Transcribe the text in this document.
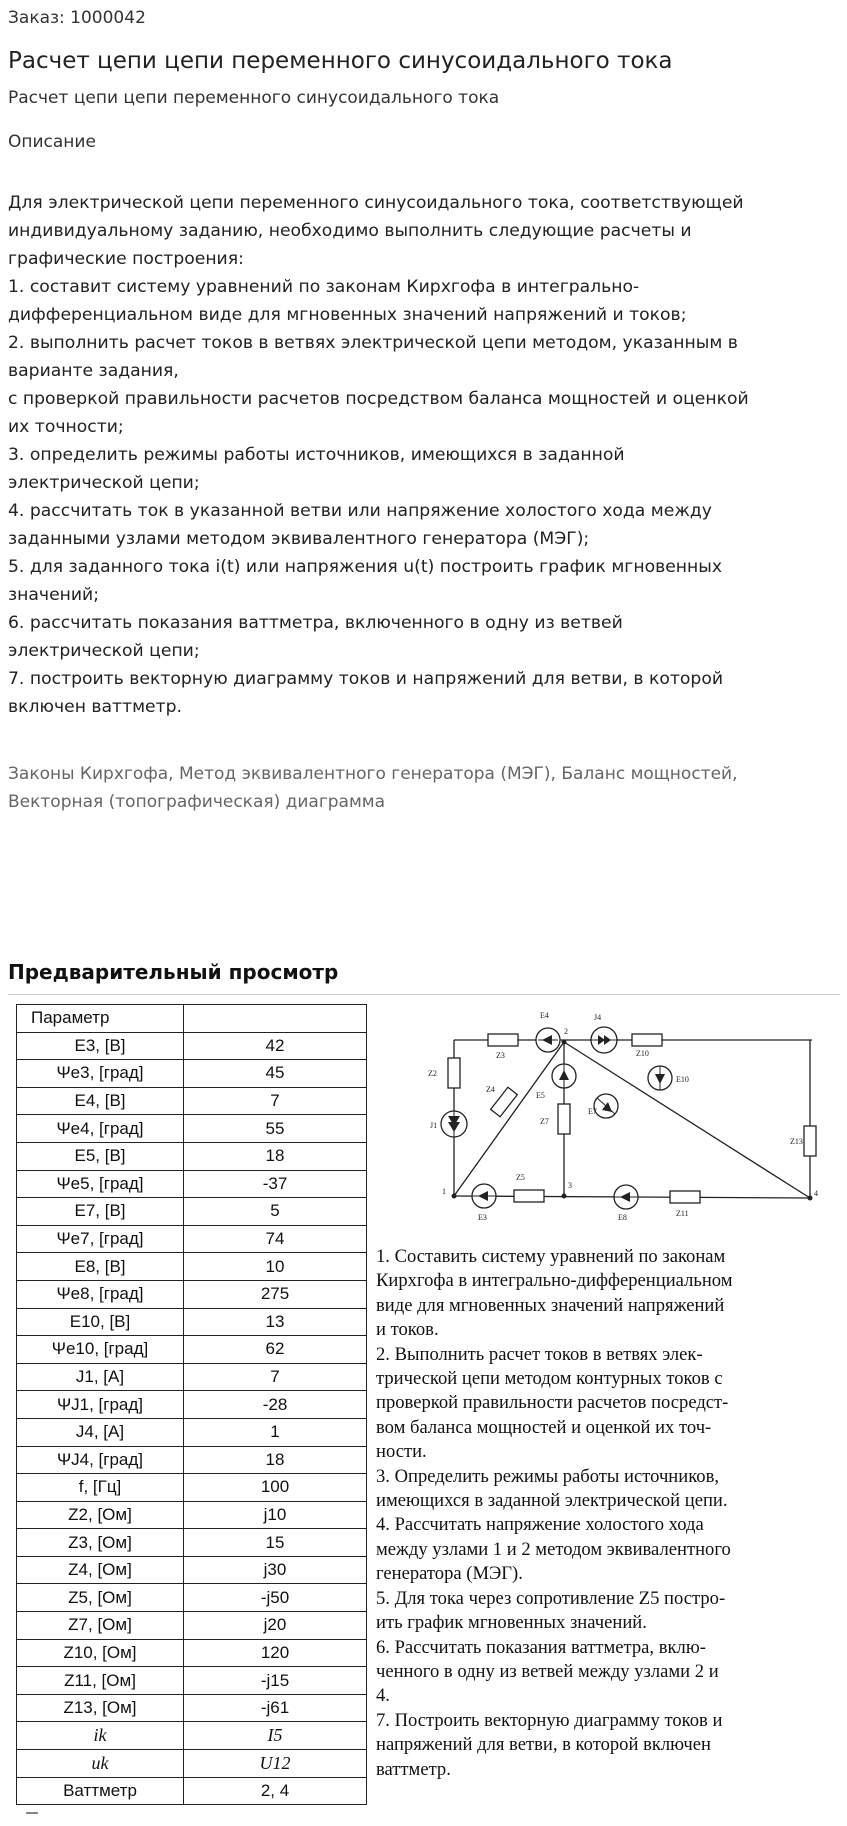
Заказ: 1000042
Расчет цепи цепи переменного синусоидального тока
Расчет цепи цепи переменного синусоидального тока
Описание
Для электрической цепи переменного синусоидального тока, соответствующей
индивидуальному заданию, необходимо выполнить следующие расчеты и
графические построения:
1. составит систему уравнений по законам Кирхгофа в интегрально-
дифференциальном виде для мгновенных значений напряжений и токов;
2. выполнить расчет токов в ветвях электрической цепи методом, указанным в
варианте задания,
с проверкой правильности расчетов посредством баланса мощностей и оценкой
их точности;
3. определить режимы работы источников, имеющихся в заданной
электрической цепи;
4. рассчитать ток в указанной ветви или напряжение холостого хода между
заданными узлами методом эквивалентного генератора (МЭГ);
5. для заданного тока i(t) или напряжения u(t) построить график мгновенных
значений;
6. рассчитать показания ваттметра, включенного в одну из ветвей
электрической цепи;
7. построить векторную диаграмму токов и напряжений для ветви, в которой
включен ваттметр.
Законы Кирхгофа, Метод эквивалентного генератора (МЭГ), Баланс мощностей,
Векторная (топографическая) диаграмма
Предварительный просмотр
Параметр	
E3, [В]	42
Ψe3, [град]	45
E4, [В]	7
Ψe4, [град]	55
E5, [В]	18
Ψe5, [град]	-37
E7, [В]	5
Ψe7, [град]	74
E8, [В]	10
Ψe8, [град]	275
E10, [В]	13
Ψe10, [град]	62
J1, [А]	7
ΨJ1, [град]	-28
J4, [А]	1
ΨJ4, [град]	18
f, [Гц]	100
Z2, [Ом]	j10
Z3, [Ом]	15
Z4, [Ом]	j30
Z5, [Ом]	-j50
Z7, [Ом]	j20
Z10, [Ом]	120
Z11, [Ом]	-j15
Z13, [Ом]	-j61
ik	I5
uk	U12
Ваттметр	2, 4
E4
2
J4
Z3	Z10
E10
Z2
Z4
E5
E7
Z7
Z13
J1
Z5
3
1	4
E3	E8	Z11
1. Составить систему уравнений по законам
Кирхгофа в интегрально-дифференциальном
виде для мгновенных значений напряжений
и токов.
2. Выполнить расчет токов в ветвях элек-
трической цепи методом контурных токов с
проверкой правильности расчетов посредст-
вом баланса мощностей и оценкой их точ-
ности.
3. Определить режимы работы источников,
имеющихся в заданной электрической цепи.
4. Рассчитать напряжение холостого хода
между узлами 1 и 2 методом эквивалентного
генератора (МЭГ).
5. Для тока через сопротивление Z5 постро-
ить график мгновенных значений.
6. Рассчитать показания ваттметра, вклю-
ченного в одну из ветвей между узлами 2 и
4.
7. Построить векторную диаграмму токов и
напряжений для ветви, в которой включен
ваттметр.
